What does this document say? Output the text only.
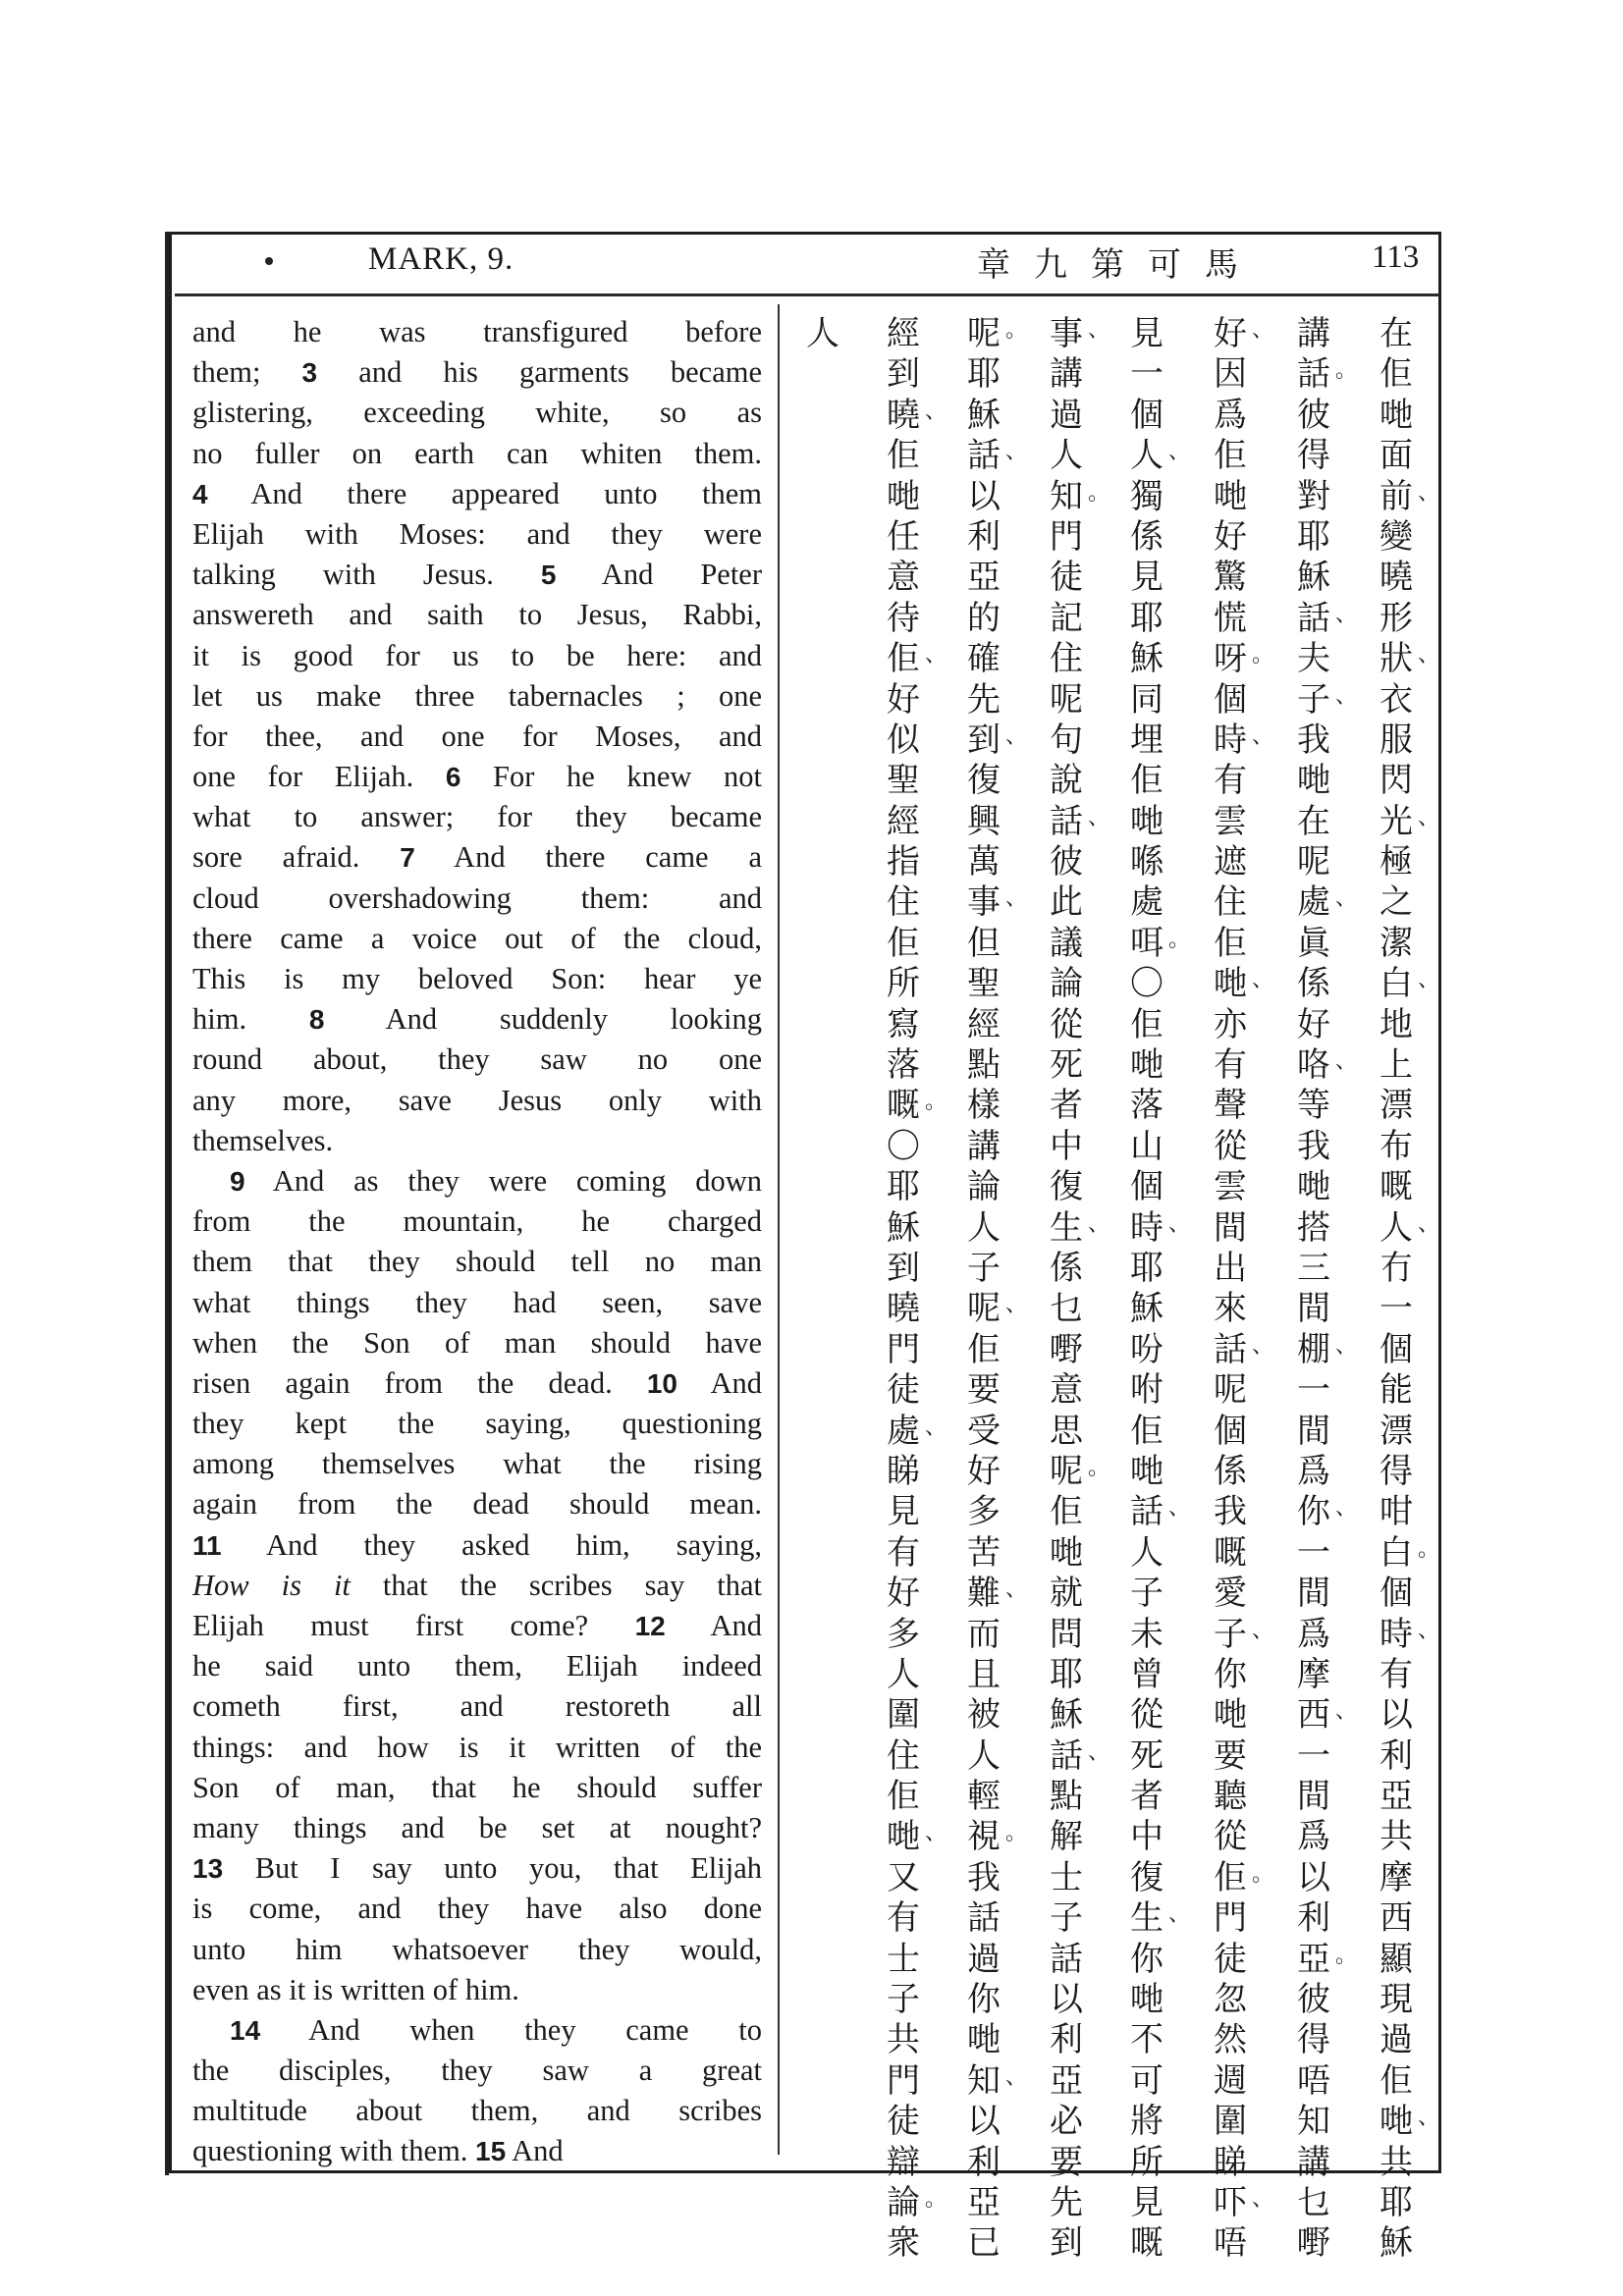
MARK, 9.	章九第可馬	113
and he was transfigured before
them; 3 and his garments became
glistering, exceeding white, so as
no fuller on earth can whiten them.
4 And there appeared unto them
Elijah with Moses: and they were
talking with Jesus. 5 And Peter
answereth and saith to Jesus, Rabbi,
it is good for us to be here: and
let us make three tabernacles ; one
for thee, and one for Moses, and
one for Elijah. 6 For he knew not
what to answer; for they became
sore afraid. 7 And there came a
cloud overshadowing them: and
there came a voice out of the cloud,
This is my beloved Son: hear ye
him. 8 And suddenly looking
round about, they saw no one
any more, save Jesus only with
themselves.
9 And as they were coming down
from the mountain, he charged
them that they should tell no man
what things they had seen, save
when the Son of man should have
risen again from the dead. 10 And
they kept the saying, questioning
among themselves what the rising
again from the dead should mean.
11 And they asked him, saying,
How is it that the scribes say that
Elijah must first come? 12 And
he said unto them, Elijah indeed
cometh first, and restoreth all
things: and how is it written of the
Son of man, that he should suffer
many things and be set at nought?
13 But I say unto you, that Elijah
is come, and they have also done
unto him whatsoever they would,
even as it is written of him.
14 And when they came to
the disciples, they saw a great
multitude about them, and scribes
questioning with them. 15 And
在
佢
哋
面
前 、
變
曉
形
狀 、
衣
服
閃
光 、
極
之
潔
白 、
地
上
漂
布
嘅
人 、
冇
一
個
能
漂
得
咁
白 。
個
時 、
有
以
利
亞
共
摩
西
顯
現
過
佢
哋 、
共
耶
穌
講
話 。
彼
得
對
耶
穌
話 、
夫
子 、
我
哋
在
呢
處 、
眞
係
好
咯 、
等
我
哋
搭
三
間
棚 、
一
間
爲
你 、
一
間
爲
摩
西 、
一
間
爲
以
利
亞 。
彼
得
唔
知
講
乜
嘢
好 、
因
爲
佢
哋
好
驚
慌
呀 。
個
時 、
有
雲
遮
住
佢
哋 、
亦
有
聲
從
雲
間
出
來
話 、
呢
個
係
我
嘅
愛
子 、
你
哋
要
聽
從
佢 。
門
徒
忽
然
週
圍
睇
吓 、
唔
見
一
個
人 、
獨
係
見
耶
穌
同
埋
佢
哋
喺
處
咡 。
〇
佢
哋
落
山
個
時 、
耶
穌
吩
咐
佢
哋
話 、
人
子
未
曾
從
死
者
中
復
生 、
你
哋
不
可
將
所
見
嘅
事 、
講
過
人
知 。
門
徒
記
住
呢
句
說
話 、
彼
此
議
論
從
死
者
中
復
生 、
係
乜
嘢
意
思
呢 。
佢
哋
就
問
耶
穌
話 、
點
解
士
子
話
以
利
亞
必
要
先
到
呢 。
耶
穌
話 、
以
利
亞
的
確
先
到 、
復
興
萬
事 、
但
聖
經
點
樣
講
論
人
子
呢 、
佢
要
受
好
多
苦
難 、
而
且
被
人
輕
視 。
我
話
過
你
哋
知 、
以
利
亞
已
經
到
曉 、
佢
哋
任
意
待
佢 、
好
似
聖
經
指
住
佢
所
寫
落
嘅 。
〇
耶
穌
到
曉
門
徒
處 、
睇
見
有
好
多
人
圍
住
佢
哋 、
又
有
士
子
共
門
徒
辯
論 。
衆
人
